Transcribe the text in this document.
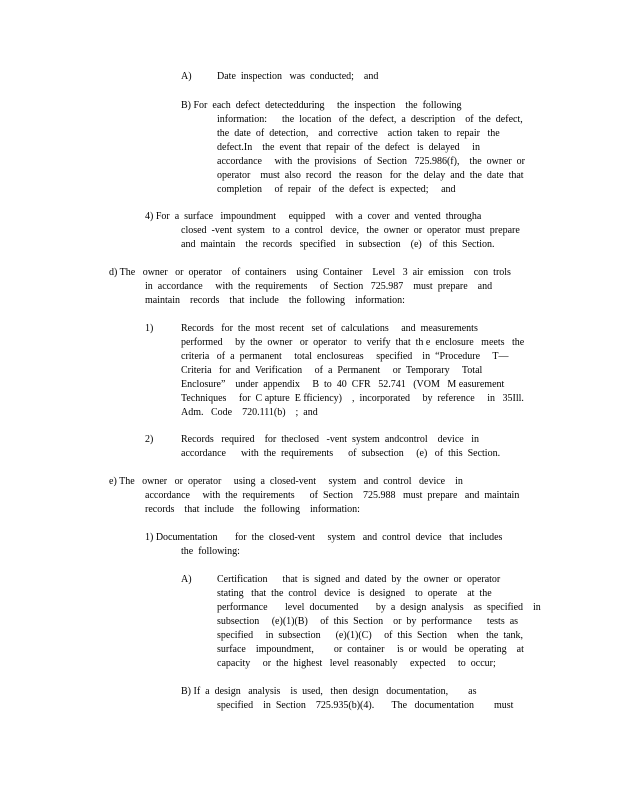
A)	Date  inspection   was  conducted;    and
B) For  each  defect  detectedduring     the  inspection    the  following
information:      the  location   of  the  defect,  a  description    of  the  defect,
the  date  of  detection,    and  corrective    action  taken  to  repair   the
defect.In    the  event  that  repair  of  the  defect   is  delayed     in
accordance     with  the  provisions   of  Section   725.986(f),    the  owner  or
operator    must  also  record   the  reason   for  the  delay  and  the  date  that
completion     of  repair   of  the  defect  is  expected;     and
4) For  a  surface   impoundment     equipped    with  a  cover  and  vented  througha
closed  -vent  system   to  a  control   device,   the  owner  or  operator  must  prepare
and  maintain    the  records   specified    in  subsection    (e)   of  this  Section.
d) The   owner   or  operator    of  containers    using  Container    Level   3  air  emission    con  trols
in  accordance     with  the  requirements     of  Section   725.987    must  prepare    and
maintain    records    that  include    the  following    information:
1)	Records   for  the  most  recent   set  of  calculations     and  measurements
performed     by  the  owner   or  operator   to  verify  that  th e  enclosure   meets   the
criteria   of  a  permanent     total  enclosureas     specified    in  “Procedure     T—
Criteria   for  and  Verification     of  a  Permanent     or  Temporary     Total
Enclosure”    under  appendix     B  to  40  CFR   52.741   (VOM   M easurement
Techniques     for  C apture  E fficiency)    ,  incorporated     by  reference     in   35Ill.
Adm.   Code    720.111(b)    ;  and
2)	Records   required    for  theclosed   -vent  system  andcontrol    device   in
accordance      with  the  requirements      of  subsection     (e)   of  this  Section.
e) The   owner   or  operator     using  a  closed-vent     system   and  control   device    in
accordance     with  the  requirements      of  Section    725.988   must  prepare   and  maintain
records    that  include    the  following    information:
1) Documentation       for  the  closed-vent     system   and  control  device   that  includes
the  following:
A)	Certification      that  is  signed  and  dated  by  the  owner  or  operator
stating   that  the  control   device   is  designed    to  operate    at  the
performance       level  documented       by  a  design  analysis    as  specified    in
subsection     (e)(1)(B)     of  this  Section    or  by  performance      tests  as
specified     in  subsection      (e)(1)(C)     of  this  Section    when   the  tank,
surface    impoundment,        or  container     is  or  would   be  operating    at
capacity     or  the  highest   level  reasonably     expected     to  occur;
B) If  a  design   analysis    is  used,   then  design   documentation,        as
specified    in  Section    725.935(b)(4).       The   documentation        must
